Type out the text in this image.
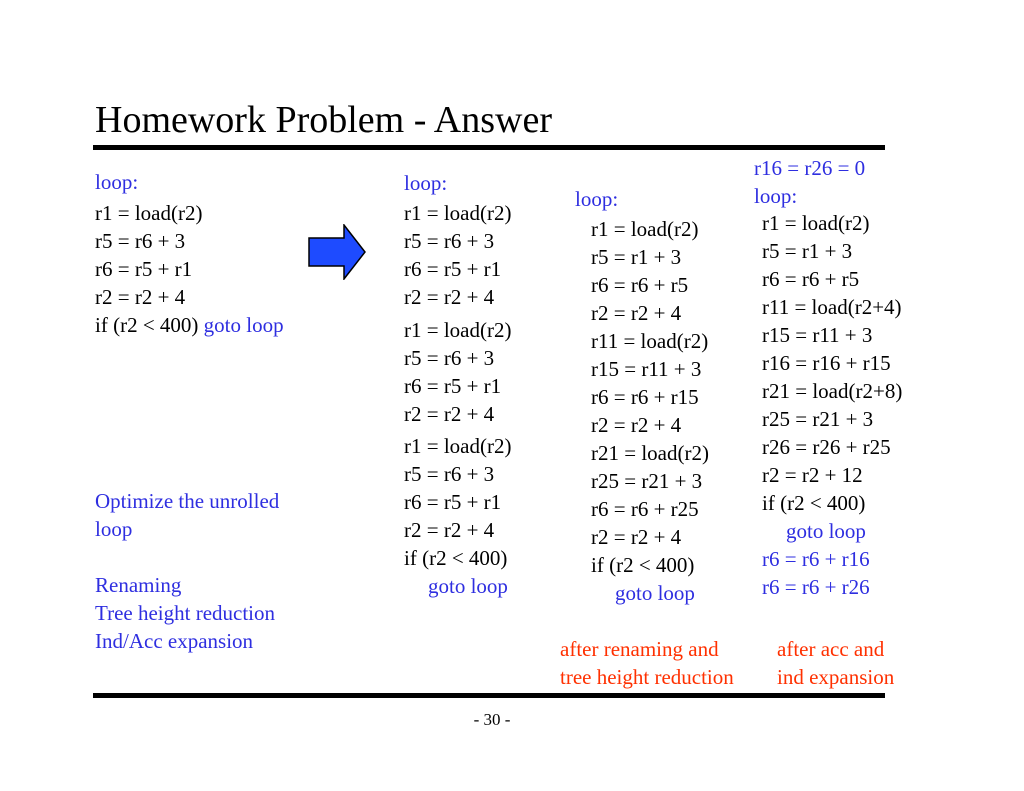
Homework Problem - Answer
loop:
r1 = load(r2)
r5 = r6 + 3
r6 = r5 + r1
r2 = r2 + 4
if (r2 < 400) goto loop
Optimize the unrolled
loop
Renaming
Tree height reduction
Ind/Acc expansion
loop:
r1 = load(r2)
r5 = r6 + 3
r6 = r5 + r1
r2 = r2 + 4
r1 = load(r2)
r5 = r6 + 3
r6 = r5 + r1
r2 = r2 + 4
r1 = load(r2)
r5 = r6 + 3
r6 = r5 + r1
r2 = r2 + 4
if (r2 < 400)
goto loop
loop:
r1 = load(r2)
r5 = r1 + 3
r6 = r6 + r5
r2 = r2 + 4
r11 = load(r2)
r15 = r11 + 3
r6 = r6 + r15
r2 = r2 + 4
r21 = load(r2)
r25 = r21 + 3
r6 = r6 + r25
r2 = r2 + 4
if (r2 < 400)
goto loop
after renaming and
tree height reduction
r16 = r26 = 0
loop:
r1 = load(r2)
r5 = r1 + 3
r6 = r6 + r5
r11 = load(r2+4)
r15 = r11 + 3
r16 = r16 + r15
r21 = load(r2+8)
r25 = r21 + 3
r26 = r26 + r25
r2 = r2 + 12
if (r2 < 400)
goto loop
r6 = r6 + r16
r6 = r6 + r26
after acc and
ind expansion
- 30 -
